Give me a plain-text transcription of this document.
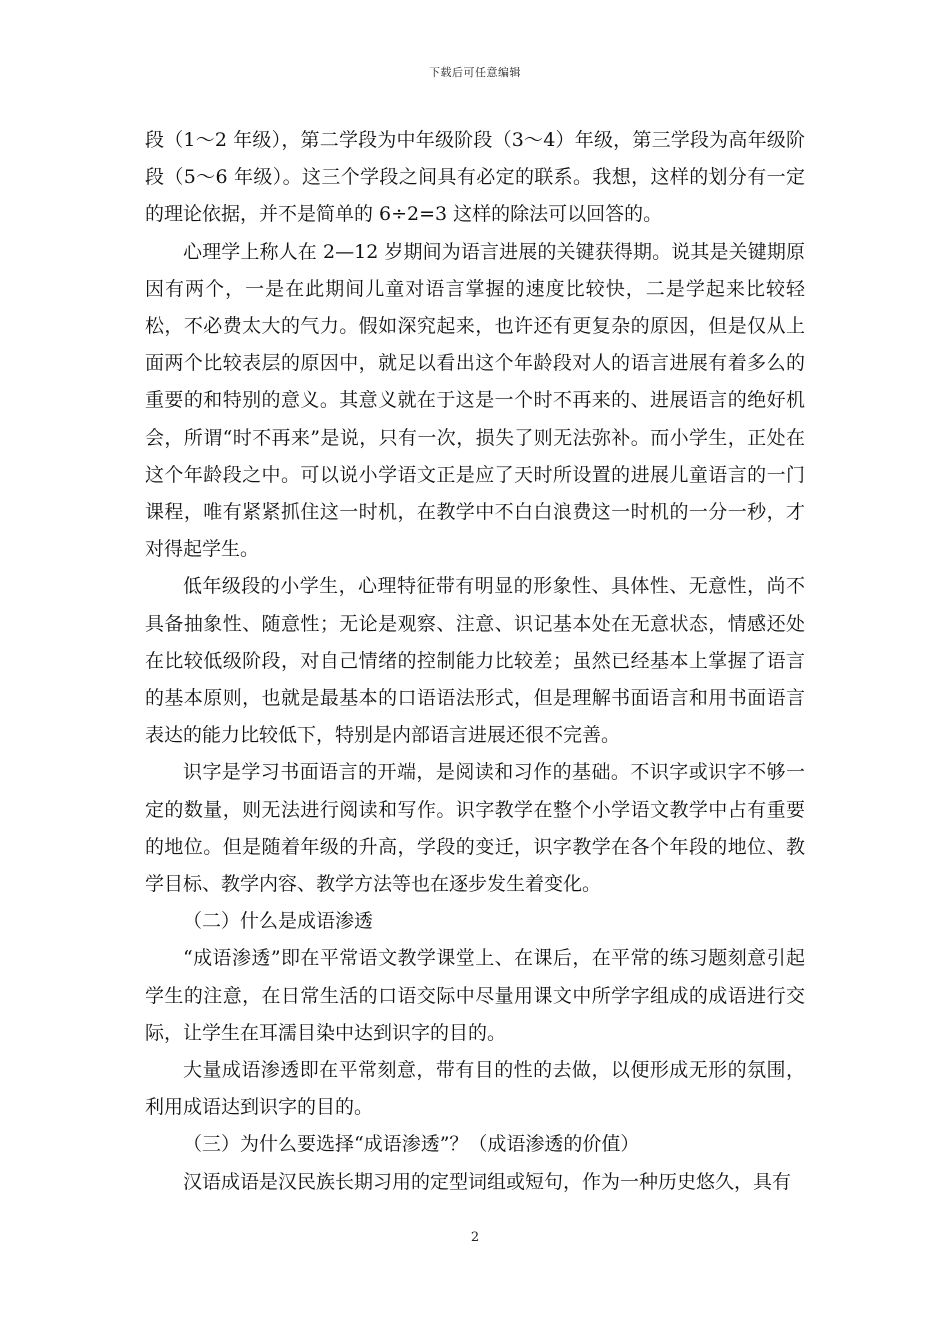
下载后可任意编辑

段（1～2 年级），第二学段为中年级阶段（3～4）年级，第三学段为高年级阶段（5～6 年级）。这三个学段之间具有必定的联系。我想，这样的划分有一定的理论依据，并不是简单的 6÷2=3 这样的除法可以回答的。

心理学上称人在 2—12 岁期间为语言进展的关键获得期。说其是关键期原因有两个，一是在此期间儿童对语言掌握的速度比较快，二是学起来比较轻松，不必费太大的气力。假如深究起来，也许还有更复杂的原因，但是仅从上面两个比较表层的原因中，就足以看出这个年龄段对人的语言进展有着多么的重要的和特别的意义。其意义就在于这是一个时不再来的、进展语言的绝好机会，所谓“时不再来”是说，只有一次，损失了则无法弥补。而小学生，正处在这个年龄段之中。可以说小学语文正是应了天时所设置的进展儿童语言的一门课程，唯有紧紧抓住这一时机，在教学中不白白浪费这一时机的一分一秒，才对得起学生。

低年级段的小学生，心理特征带有明显的形象性、具体性、无意性，尚不具备抽象性、随意性；无论是观察、注意、识记基本处在无意状态，情感还处在比较低级阶段，对自己情绪的控制能力比较差；虽然已经基本上掌握了语言的基本原则，也就是最基本的口语语法形式，但是理解书面语言和用书面语言表达的能力比较低下，特别是内部语言进展还很不完善。

识字是学习书面语言的开端，是阅读和习作的基础。不识字或识字不够一定的数量，则无法进行阅读和写作。识字教学在整个小学语文教学中占有重要的地位。但是随着年级的升高，学段的变迁，识字教学在各个年段的地位、教学目标、教学内容、教学方法等也在逐步发生着变化。

（二）什么是成语渗透

“成语渗透”即在平常语文教学课堂上、在课后，在平常的练习题刻意引起学生的注意，在日常生活的口语交际中尽量用课文中所学字组成的成语进行交际，让学生在耳濡目染中达到识字的目的。

大量成语渗透即在平常刻意，带有目的性的去做，以便形成无形的氛围，利用成语达到识字的目的。

（三）为什么要选择“成语渗透”？（成语渗透的价值）

汉语成语是汉民族长期习用的定型词组或短句，作为一种历史悠久，具有

2
